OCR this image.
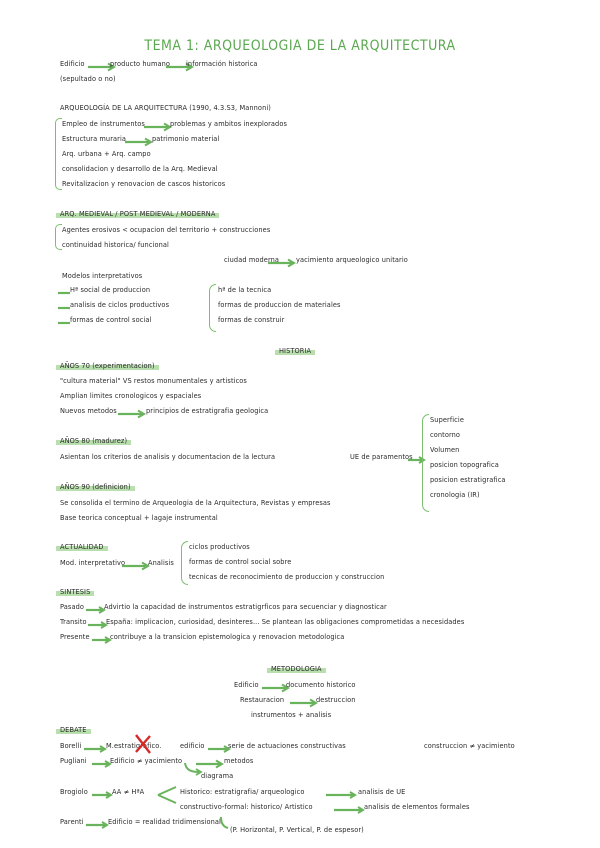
TEMA 1: ARQUEOLOGIA DE LA ARQUITECTURA
Edificio	producto humano información historica
(sepultado o no)
ARQUEOLOGÍA DE LA ARQUITECTURA (1990, 4.3.S3, Mannoni)
Empleo de instrumentos	problemas y ambitos inexplorados
Estructura muraria	patrimonio material
Arq. urbana + Arq. campo
consolidacion y desarrollo de la Arq. Medieval
Revitalizacion y renovacion de cascos historicos
ARQ. MEDIEVAL / POST MEDIEVAL / MODERNA
Agentes erosivos < ocupacion del territorio + construcciones
continuidad historica/ funcional
ciudad moderna	yacimiento arqueologico unitario
Modelos interpretativos
Hª social de produccion
analisis de ciclos productivos
formas de control social
hª de la tecnica
formas de produccion de materiales
formas de construir
HISTORIA
AÑOS 70 (experimentacion)
"cultura material" VS restos monumentales y artisticos
Amplian limites cronologicos y espaciales
Nuevos metodos	principios de estratigrafia geologica
AÑOS 80 (madurez)
Asientan los criterios de analisis y documentacion de la lectura	UE de paramentos
Superficie
contorno
Volumen
posicion topografica
posicion estratigrafica
cronologia (IR)
AÑOS 90 (definicion)
Se consolida el termino de Arqueologia de la Arquitectura, Revistas y empresas
Base teorica conceptual + lagaje instrumental
ACTUALIDAD
Mod. interpretativo	Analisis
ciclos productivos
formas de control social sobre
tecnicas de reconocimiento de produccion y construccion
SINTESIS
Pasado	Advirtio la capacidad de instrumentos estratigrficos para secuenciar y diagnosticar
Transito	España: implicacion, curiosidad, desinteres... Se plantean las obligaciones comprometidas a necesidades
Presente	contribuye a la transicion epistemologica y renovacion metodologica
METODOLOGIA
Edificio	documento historico
Restauracion	destruccion
instrumentos + analisis
DEBATE
Borelli	M.estratigrafico.	edificio	serie de actuaciones constructivas	construccion ≠ yacimiento
Pugliani	Edificio ≠ yacimiento	metodos
diagrama
Brogiolo	AA ≠ HªA	Historico: estratigrafia/ arqueologico	analisis de UE
constructivo-formal: historico/ Artistico	analisis de elementos formales
Parenti	Edificio = realidad tridimensional
(P. Horizontal, P. Vertical, P. de espesor)
